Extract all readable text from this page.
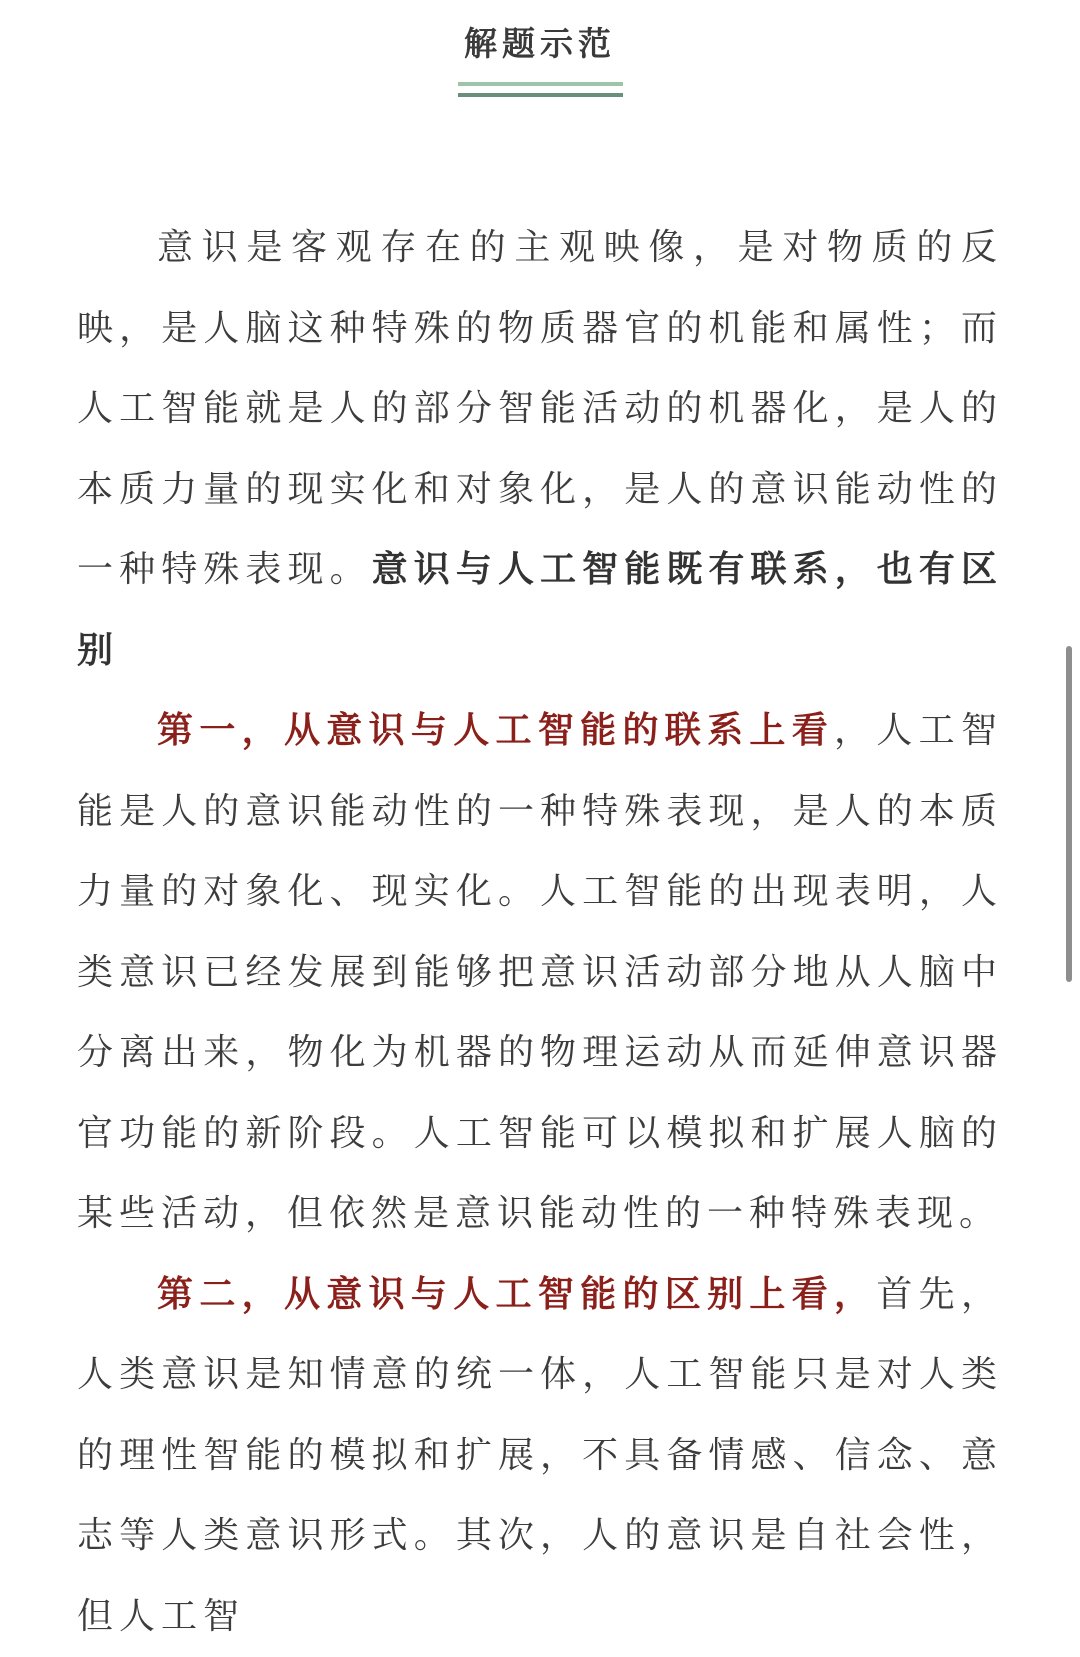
解题示范

意识是客观存在的主观映像，是对物质的反映，是人脑这种特殊的物质器官的机能和属性；而人工智能就是人的部分智能活动的机器化，是人的本质力量的现实化和对象化，是人的意识能动性的一种特殊表现。意识与人工智能既有联系，也有区别

第一，从意识与人工智能的联系上看，人工智能是人的意识能动性的一种特殊表现，是人的本质力量的对象化、现实化。人工智能的出现表明，人类意识已经发展到能够把意识活动部分地从人脑中分离出来，物化为机器的物理运动从而延伸意识器官功能的新阶段。人工智能可以模拟和扩展人脑的某些活动，但依然是意识能动性的一种特殊表现。

第二，从意识与人工智能的区别上看，首先，人类意识是知情意的统一体，人工智能只是对人类的理性智能的模拟和扩展，不具备情感、信念、意志等人类意识形式。其次，人的意识是自社会性，但人工智
